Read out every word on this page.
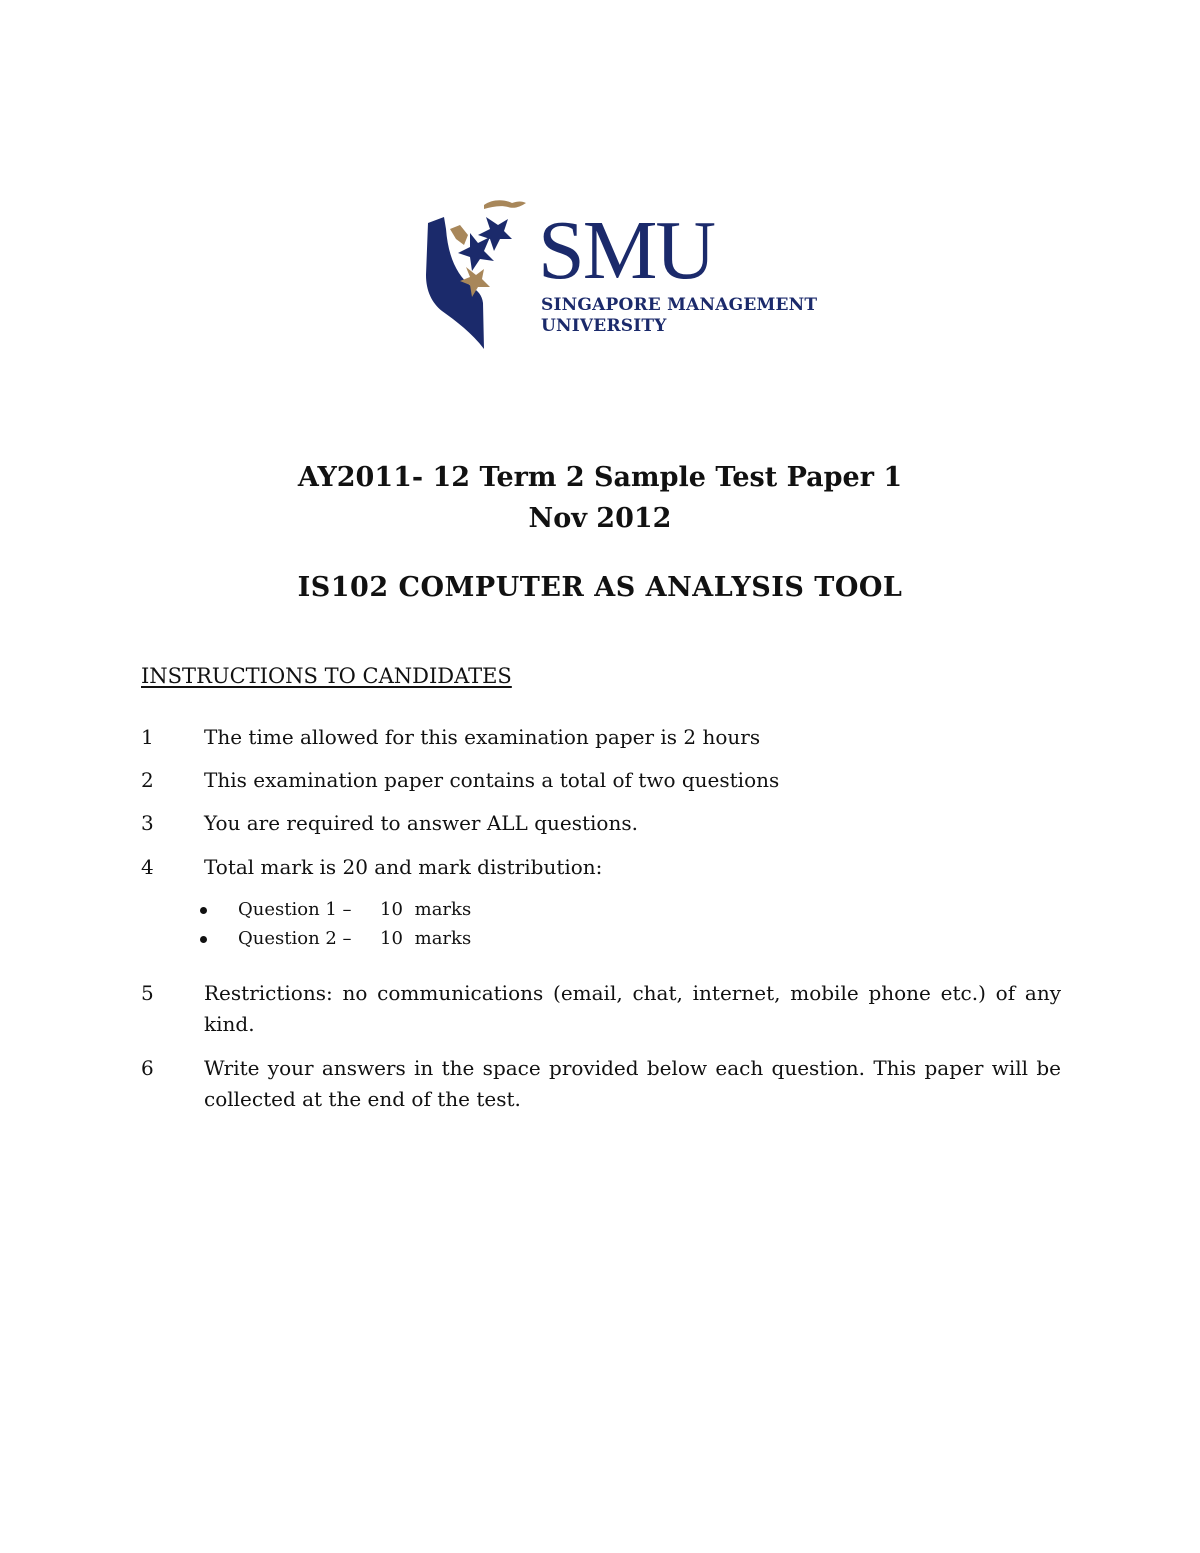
SMU
SINGAPORE MANAGEMENT
UNIVERSITY
AY2011- 12 Term 2 Sample Test Paper 1
Nov 2012
IS102 COMPUTER AS ANALYSIS TOOL
INSTRUCTIONS TO CANDIDATES
1	The time allowed for this examination paper is 2 hours
2	This examination paper contains a total of two questions
3	You are required to answer ALL questions.
4	Total mark is 20 and mark distribution:
Question 1 – 10 marks
Question 2 – 10 marks
5	Restrictions: no communications (email, chat, internet, mobile phone etc.) of any kind.
6	Write your answers in the space provided below each question. This paper will be collected at the end of the test.
